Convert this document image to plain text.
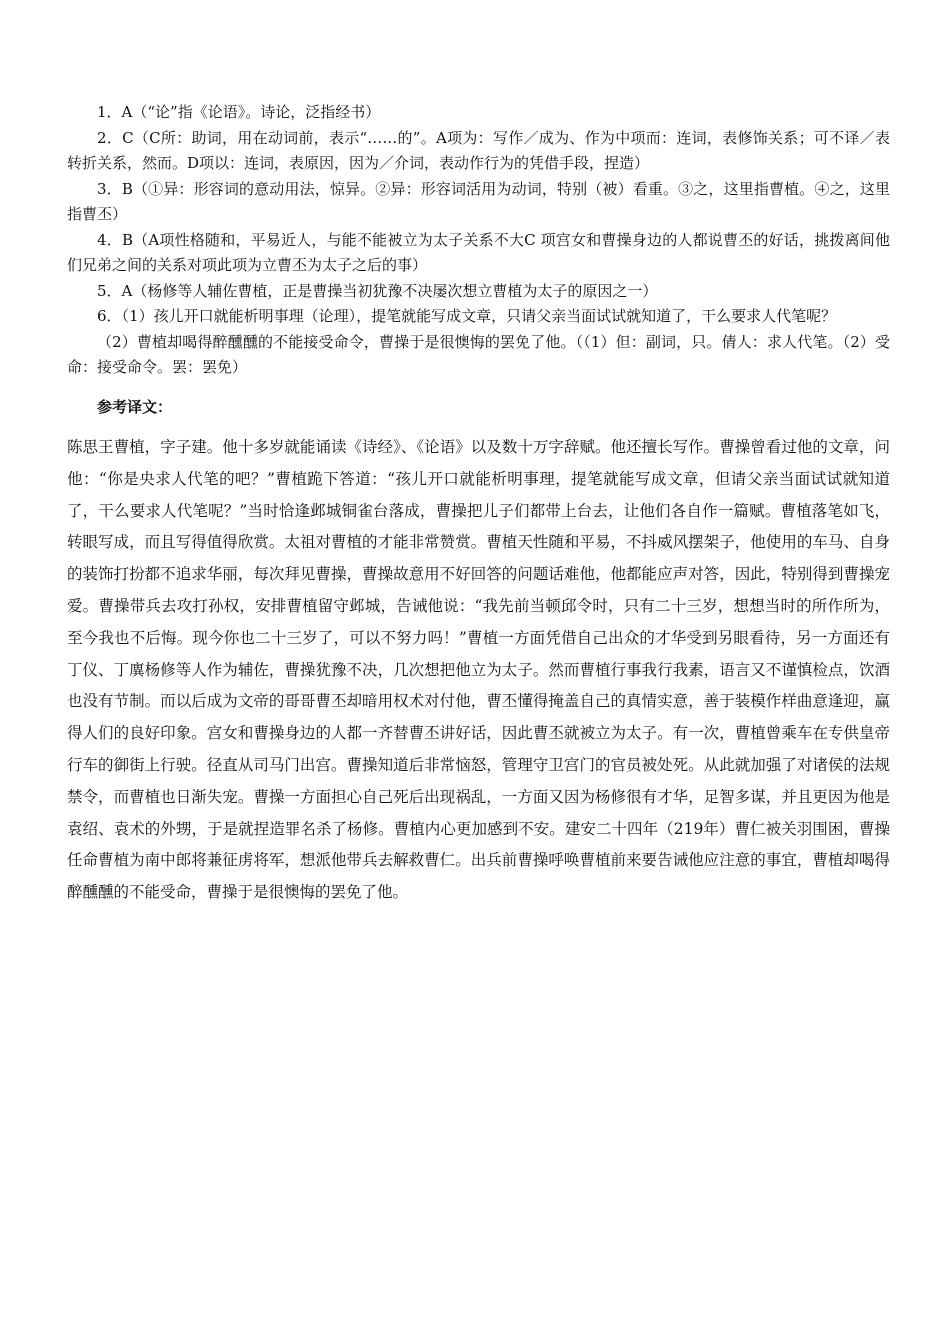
1．A（“论”指《论语》。诗论，泛指经书）

2．C（C所：助词，用在动词前，表示“……的”。A项为：写作／成为、作为中项而：连词，表修饰关系；可不译／表转折关系，然而。D项以：连词，表原因，因为／介词，表动作行为的凭借手段，捏造）

3．B（①异：形容词的意动用法，惊异。②异：形容词活用为动词，特别（被）看重。③之，这里指曹植。④之，这里指曹丕）

4．B（A项性格随和，平易近人，与能不能被立为太子关系不大C 项宫女和曹操身边的人都说曹丕的好话，挑拨离间他们兄弟之间的关系对项此项为立曹丕为太子之后的事）

5．A（杨修等人辅佐曹植，正是曹操当初犹豫不决屡次想立曹植为太子的原因之一）

6．（1）孩儿开口就能析明事理（论理），提笔就能写成文章，只请父亲当面试试就知道了，干么要求人代笔呢？

（2）曹植却喝得醉醺醺的不能接受命令，曹操于是很懊悔的罢免了他。（（1）但：副词，只。倩人：求人代笔。（2）受命：接受命令。罢：罢免）

参考译文：

陈思王曹植，字子建。他十多岁就能诵读《诗经》、《论语》以及数十万字辞赋。他还擅长写作。曹操曾看过他的文章，问他：“你是央求人代笔的吧？”曹植跪下答道：“孩儿开口就能析明事理，提笔就能写成文章，但请父亲当面试试就知道了，干么要求人代笔呢？”当时恰逢邺城铜雀台落成，曹操把儿子们都带上台去，让他们各自作一篇赋。曹植落笔如飞，转眼写成，而且写得值得欣赏。太祖对曹植的才能非常赞赏。曹植天性随和平易，不抖威风摆架子，他使用的车马、自身的装饰打扮都不追求华丽，每次拜见曹操，曹操故意用不好回答的问题话难他，他都能应声对答，因此，特别得到曹操宠爱。曹操带兵去攻打孙权，安排曹植留守邺城，告诫他说：“我先前当顿邱令时，只有二十三岁，想想当时的所作所为，至今我也不后悔。现今你也二十三岁了，可以不努力吗！”曹植一方面凭借自己出众的才华受到另眼看待，另一方面还有丁仪、丁廙杨修等人作为辅佐，曹操犹豫不决，几次想把他立为太子。然而曹植行事我行我素，语言又不谨慎检点，饮酒也没有节制。而以后成为文帝的哥哥曹丕却暗用权术对付他，曹丕懂得掩盖自己的真情实意，善于装模作样曲意逢迎，赢得人们的良好印象。宫女和曹操身边的人都一齐替曹丕讲好话，因此曹丕就被立为太子。有一次，曹植曾乘车在专供皇帝行车的御街上行驶。径直从司马门出宫。曹操知道后非常恼怒，管理守卫宫门的官员被处死。从此就加强了对诸侯的法规禁令，而曹植也日渐失宠。曹操一方面担心自己死后出现祸乱，一方面又因为杨修很有才华，足智多谋，并且更因为他是袁绍、袁术的外甥，于是就捏造罪名杀了杨修。曹植内心更加感到不安。建安二十四年（219年）曹仁被关羽围困，曹操任命曹植为南中郎将兼征虏将军，想派他带兵去解救曹仁。出兵前曹操呼唤曹植前来要告诫他应注意的事宜，曹植却喝得醉醺醺的不能受命，曹操于是很懊悔的罢免了他。
